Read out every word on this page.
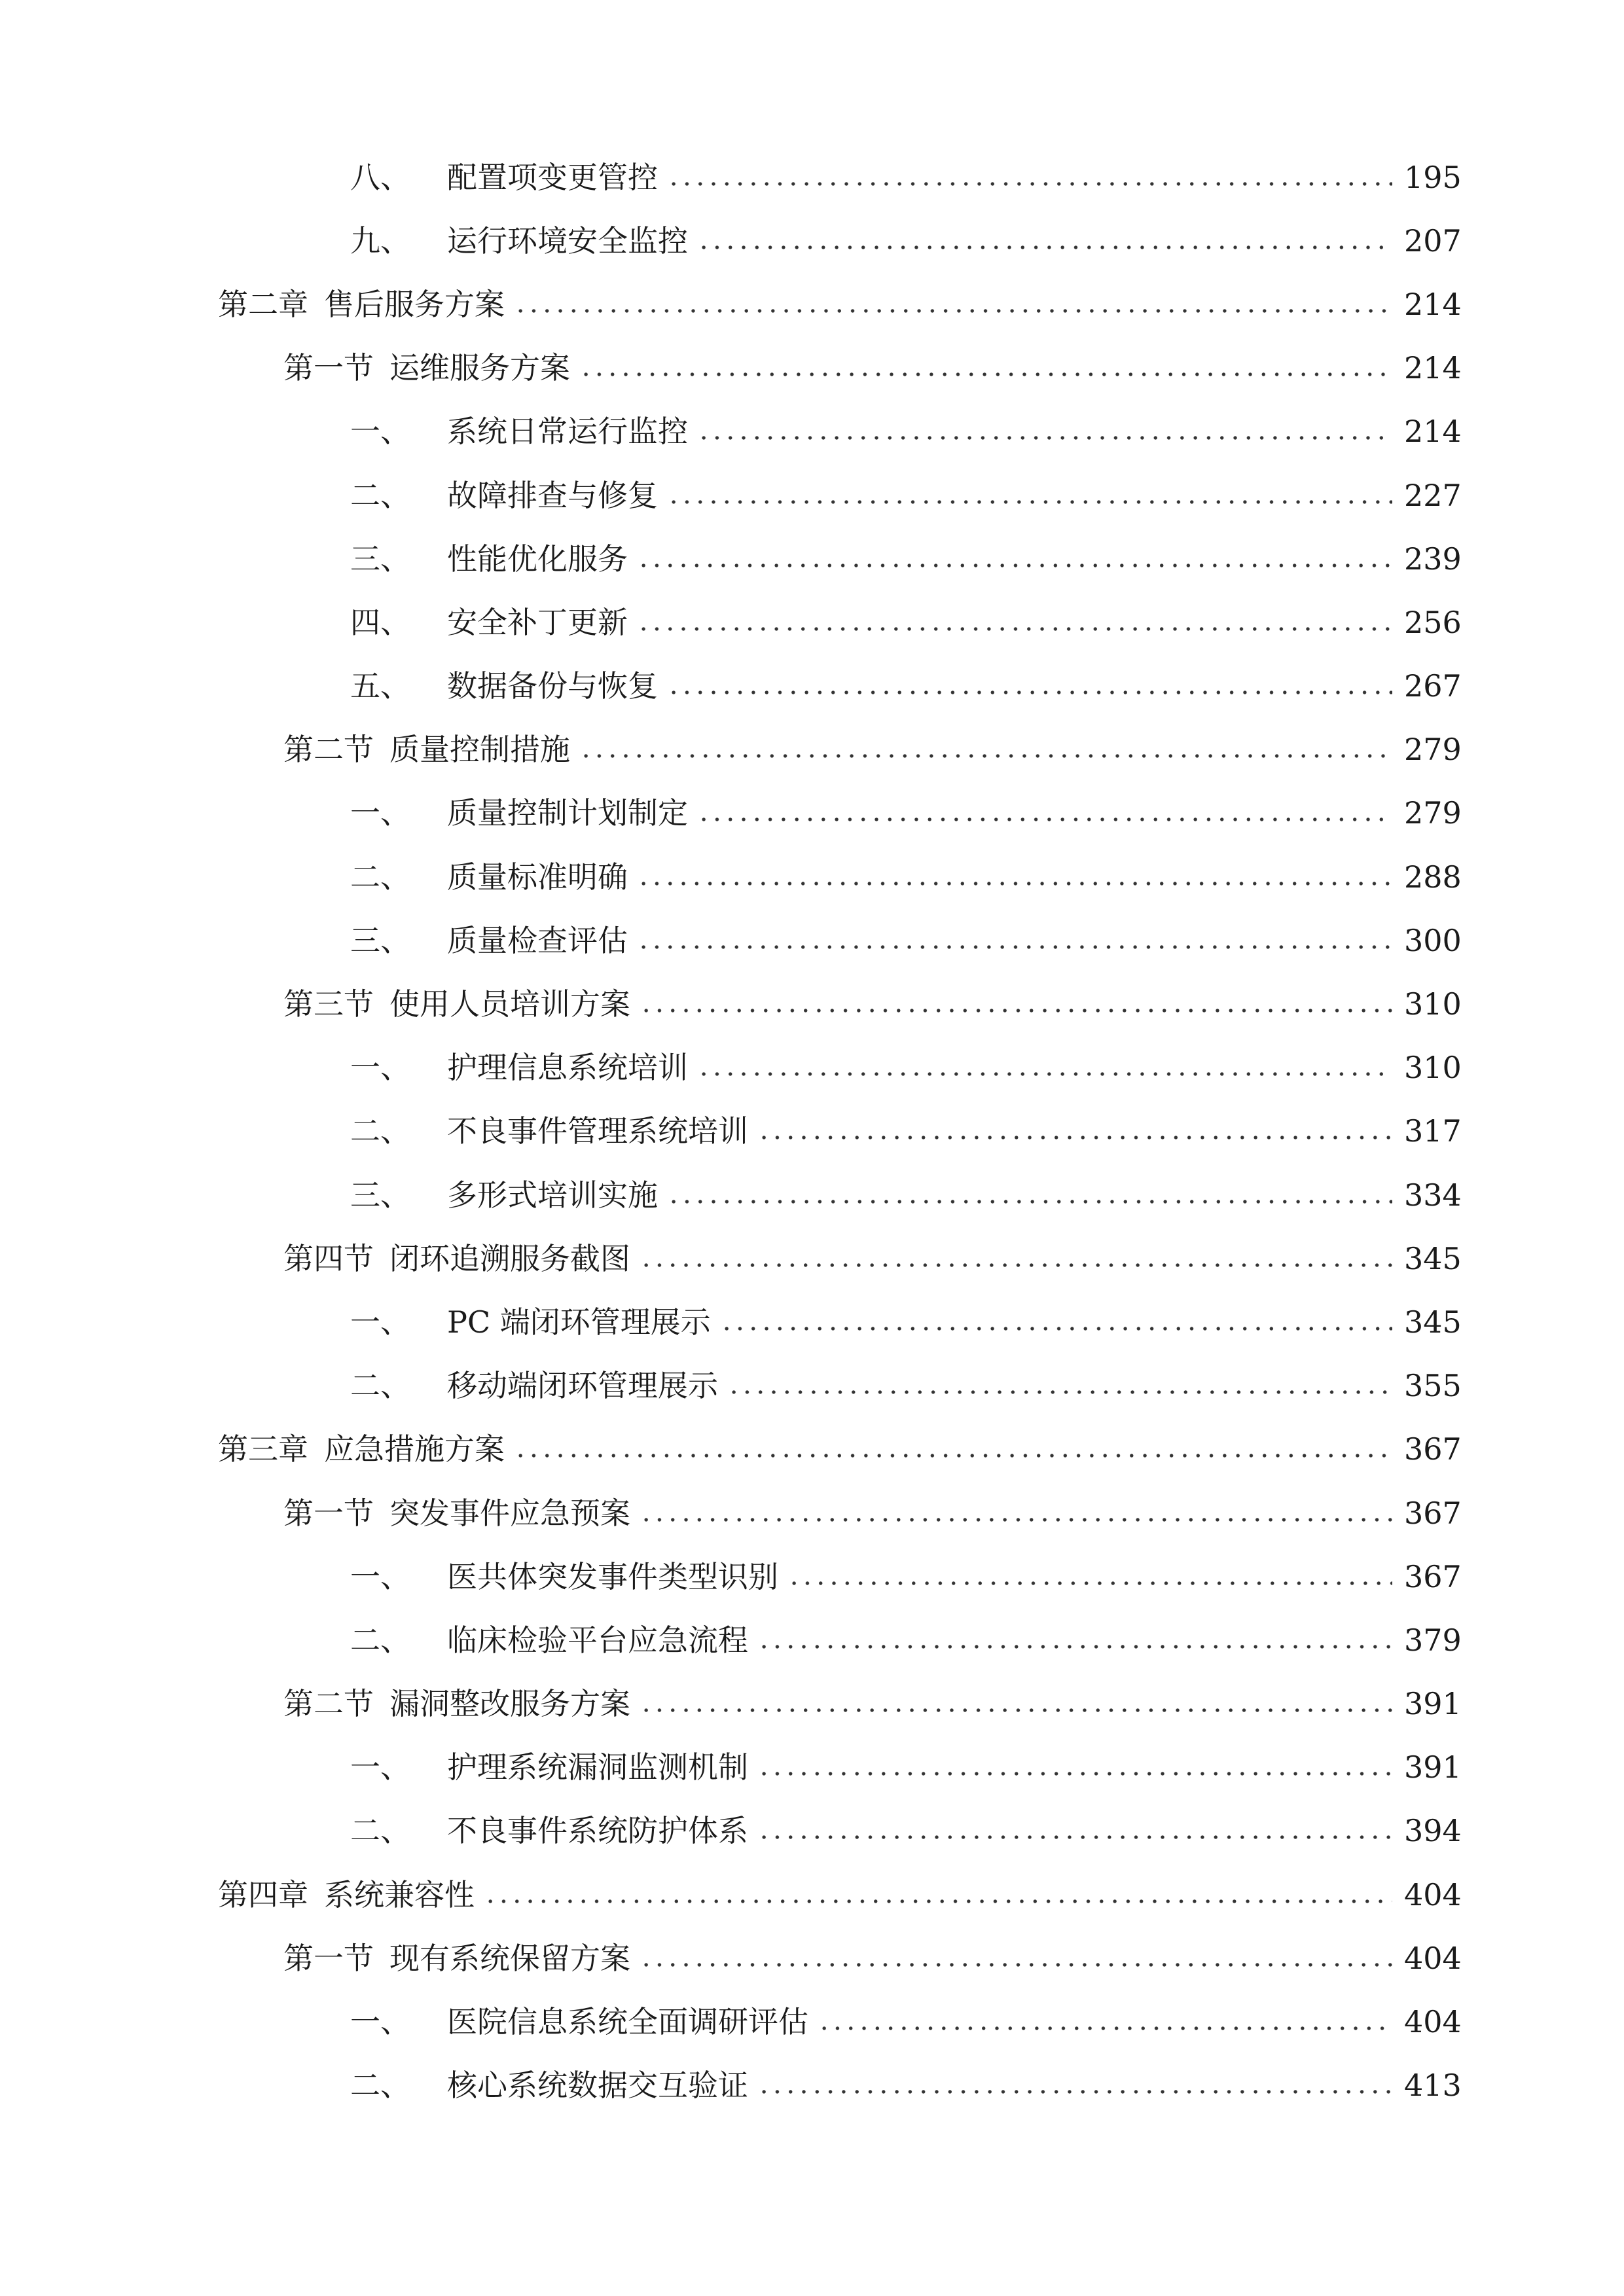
八、 配置项变更管控	195
九、 运行环境安全监控	207
第二章 售后服务方案	214
第一节 运维服务方案	214
一、 系统日常运行监控	214
二、 故障排查与修复	227
三、 性能优化服务	239
四、 安全补丁更新	256
五、 数据备份与恢复	267
第二节 质量控制措施	279
一、 质量控制计划制定	279
二、 质量标准明确	288
三、 质量检查评估	300
第三节 使用人员培训方案	310
一、 护理信息系统培训	310
二、 不良事件管理系统培训	317
三、 多形式培训实施	334
第四节 闭环追溯服务截图	345
一、 PC 端闭环管理展示	345
二、 移动端闭环管理展示	355
第三章 应急措施方案	367
第一节 突发事件应急预案	367
一、 医共体突发事件类型识别	367
二、 临床检验平台应急流程	379
第二节 漏洞整改服务方案	391
一、 护理系统漏洞监测机制	391
二、 不良事件系统防护体系	394
第四章 系统兼容性	404
第一节 现有系统保留方案	404
一、 医院信息系统全面调研评估	404
二、 核心系统数据交互验证	413
